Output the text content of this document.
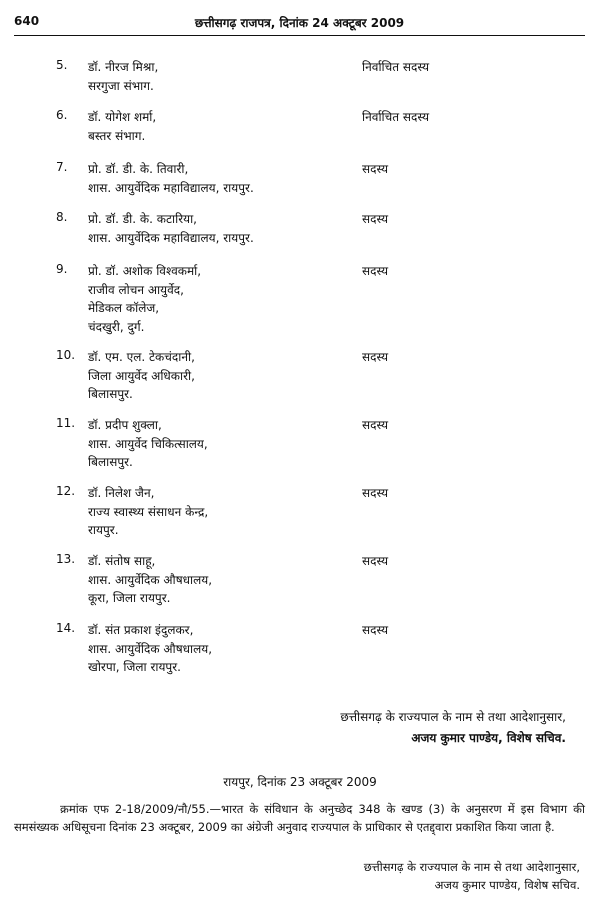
640	छत्तीसगढ़ राजपत्र, दिनांक 24 अक्टूबर 2009
5. डॉ. नीरज मिश्रा,
सरगुजा संभाग.
निर्वाचित सदस्य
6. डॉ. योगेश शर्मा,
बस्तर संभाग.
निर्वाचित सदस्य
7. प्रो. डॉ. डी. के. तिवारी,
शास. आयुर्वेदिक महाविद्यालय, रायपुर.
सदस्य
8. प्रो. डॉ. डी. के. कटारिया,
शास. आयुर्वेदिक महाविद्यालय, रायपुर.
सदस्य
9. प्रो. डॉ. अशोक विश्वकर्मा,
राजीव लोचन आयुर्वेद,
मेडिकल कॉलेज,
चंदखुरी, दुर्ग.
सदस्य
10. डॉ. एम. एल. टेकचंदानी,
जिला आयुर्वेद अधिकारी,
बिलासपुर.
सदस्य
11. डॉ. प्रदीप शुक्ला,
शास. आयुर्वेद चिकित्सालय,
बिलासपुर.
सदस्य
12. डॉ. निलेश जैन,
राज्य स्वास्थ्य संसाधन केन्द्र,
रायपुर.
सदस्य
13. डॉ. संतोष साहू,
शास. आयुर्वेदिक औषधालय,
कूरा, जिला रायपुर.
सदस्य
14. डॉ. संत प्रकाश इंदुलकर,
शास. आयुर्वेदिक औषधालय,
खोरपा, जिला रायपुर.
सदस्य
छत्तीसगढ़ के राज्यपाल के नाम से तथा आदेशानुसार,
अजय कुमार पाण्डेय, विशेष सचिव.
रायपुर, दिनांक 23 अक्टूबर 2009
क्रमांक एफ 2-18/2009/नौ/55.—भारत के संविधान के अनुच्छेद 348 के खण्ड (3) के अनुसरण में इस विभाग की समसंख्यक अधिसूचना दिनांक 23 अक्टूबर, 2009 का अंग्रेजी अनुवाद राज्यपाल के प्राधिकार से एतद्द्वारा प्रकाशित किया जाता है.
छत्तीसगढ़ के राज्यपाल के नाम से तथा आदेशानुसार,
अजय कुमार पाण्डेय, विशेष सचिव.
